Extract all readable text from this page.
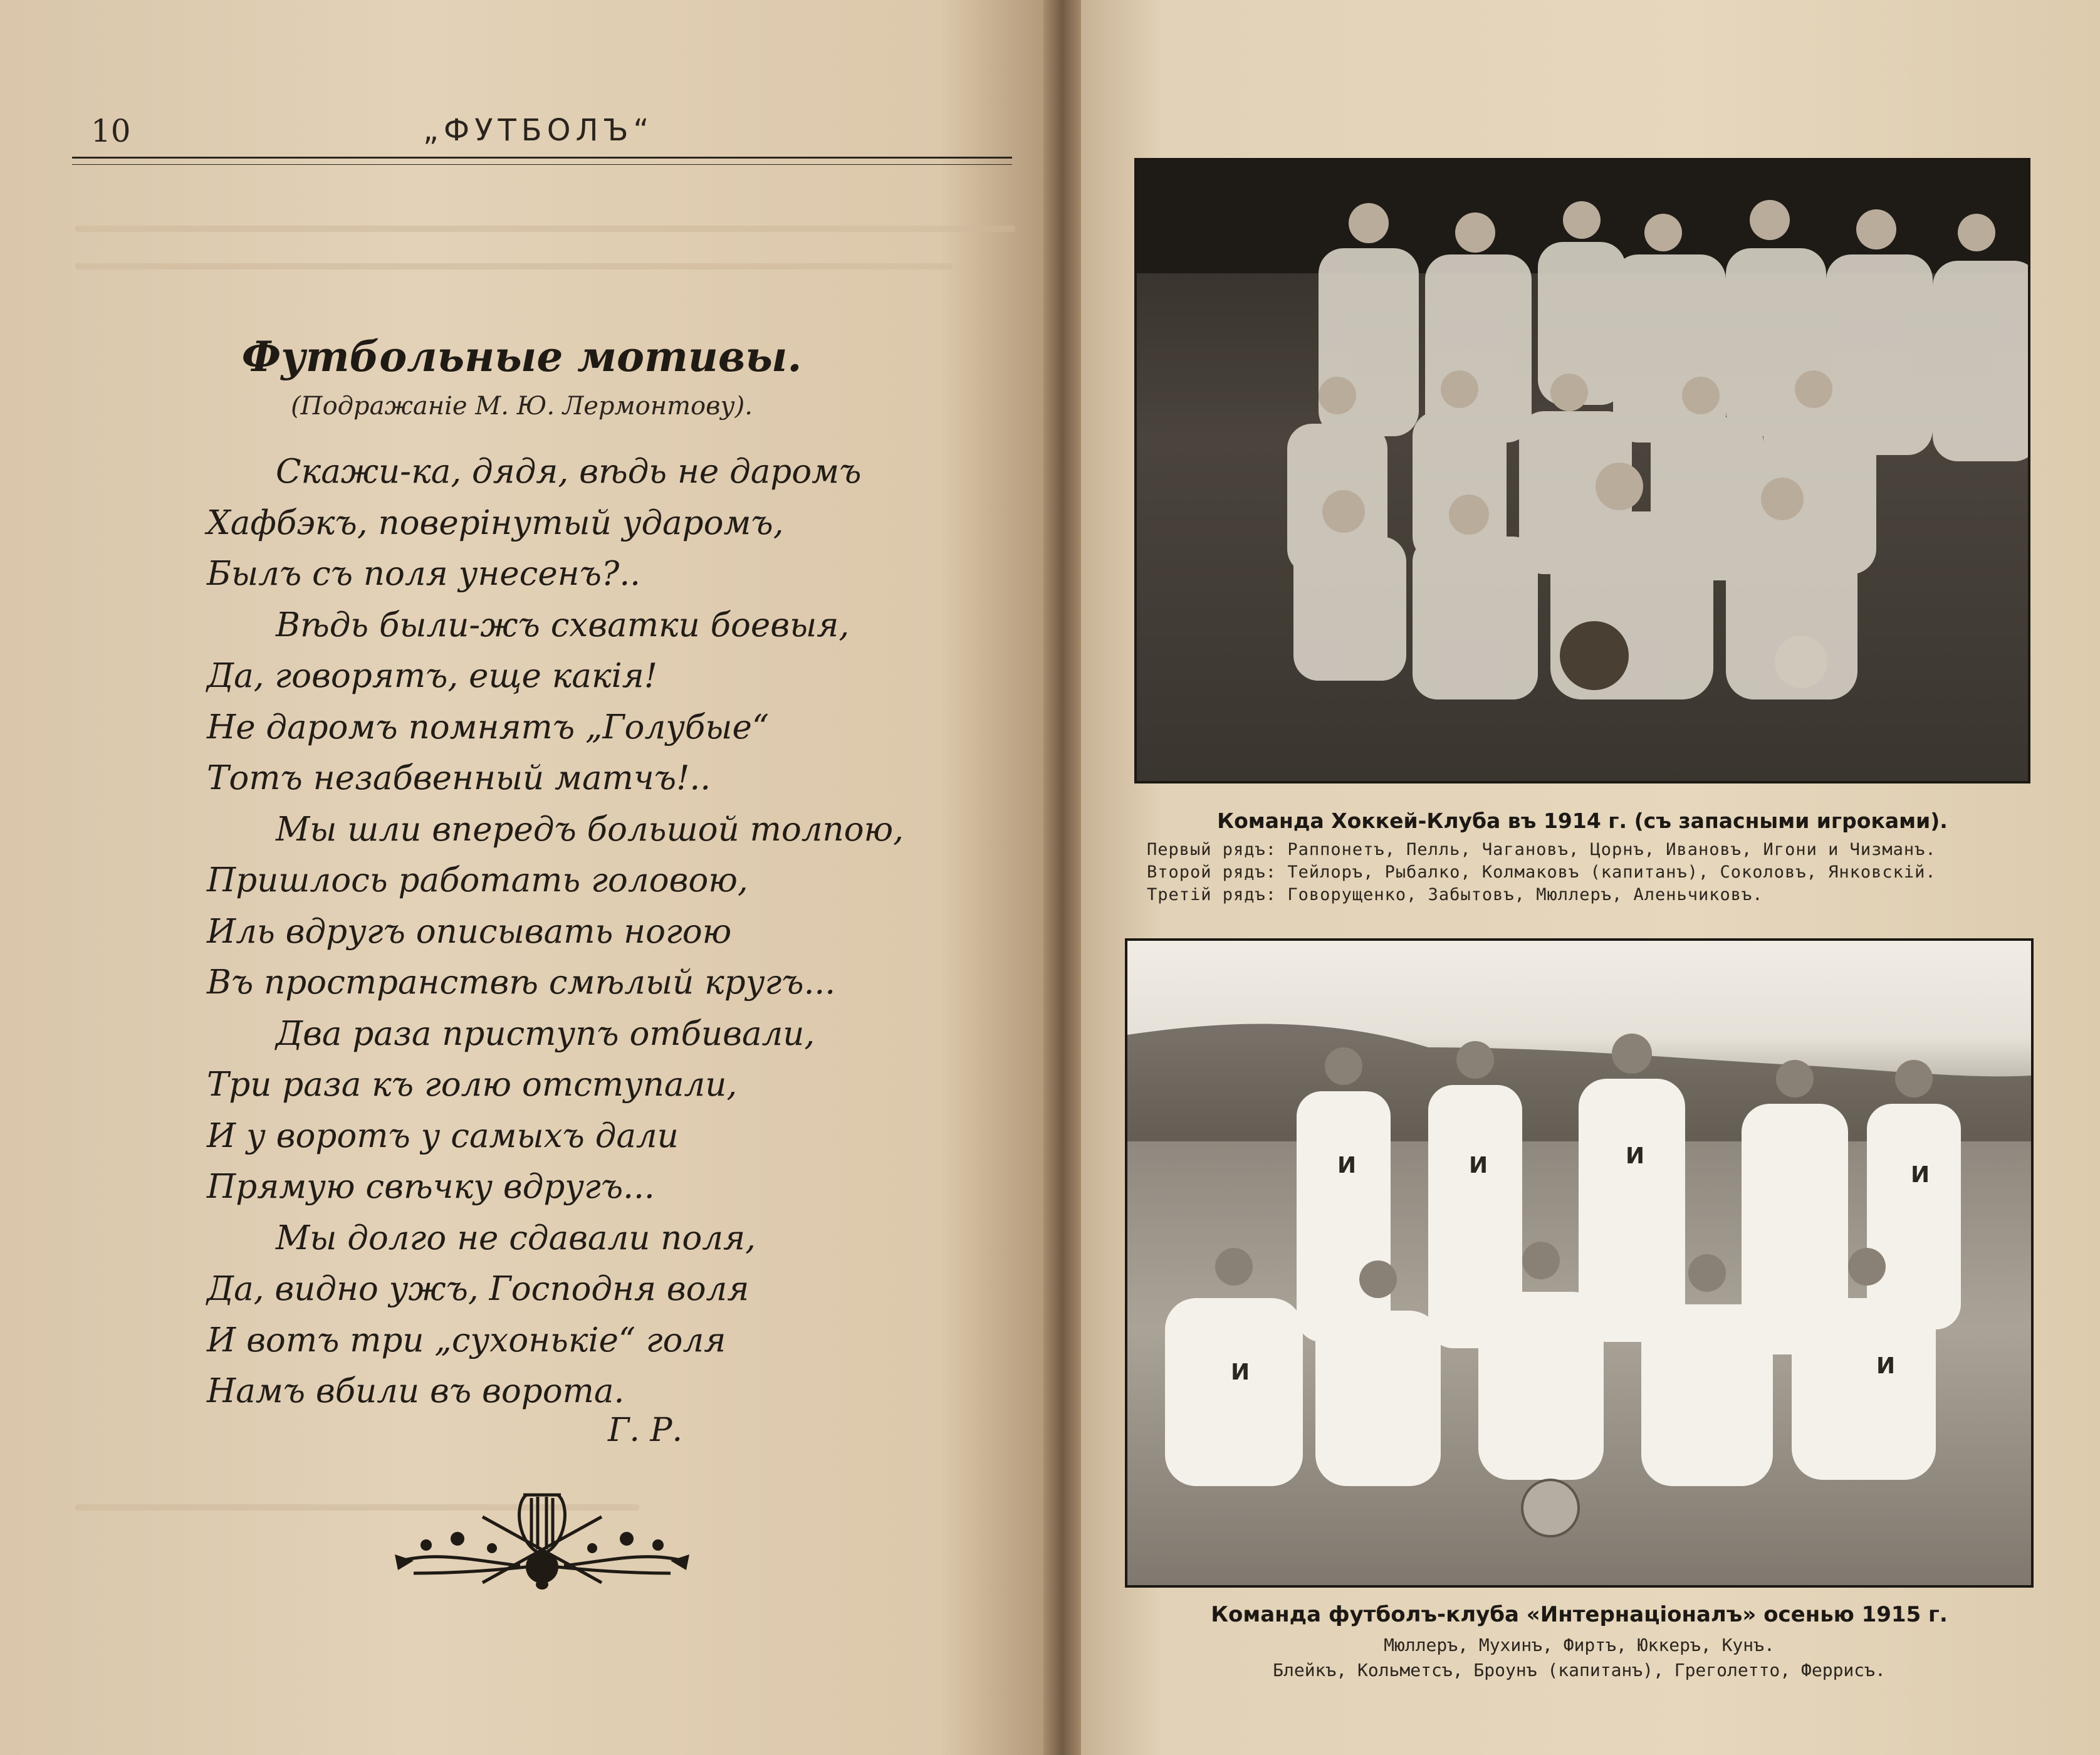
10	„ФУТБОЛЪ“
Футбольные мотивы.
(Подражаніе М. Ю. Лермонтову).
Скажи-ка, дядя, вѣдь не даромъ
Хафбэкъ, поверінутый ударомъ,
Былъ съ поля унесенъ?..
Вѣдь были-жъ схватки боевыя,
Да, говорятъ, еще какія!
Не даромъ помнятъ „Голубые“
Тотъ незабвенный матчъ!..
Мы шли впередъ большой толпою,
Пришлось работать головою,
Иль вдругъ описывать ногою
Въ пространствѣ смѣлый кругъ...
Два раза приступъ отбивали,
Три раза къ голю отступали,
И у воротъ у самыхъ дали
Прямую свѣчку вдругъ...
Мы долго не сдавали поля,
Да, видно ужъ, Господня воля
И вотъ три „сухонькіе“ голя
Намъ вбили въ ворота.
Г. Р.
Команда Хоккей-Клуба въ 1914 г. (съ запасными игроками).
Первый рядъ: Раппонетъ, Пелль, Чагановъ, Цорнъ, Ивановъ, Игони и Чизманъ.
Второй рядъ: Тейлоръ, Рыбалко, Колмаковъ (капитанъ), Соколовъ, Янковскій.
Третій рядъ: Говорущенко, Забытовъ, Мюллеръ, Аленьчиковъ.
И	И	И
И
И	И
Команда футболъ-клуба «Интернаціоналъ» осенью 1915 г.
Мюллеръ, Мухинъ, Фиртъ, Юккеръ, Кунъ.
Блейкъ, Кольметсъ, Броунъ (капитанъ), Греголетто, Феррисъ.
